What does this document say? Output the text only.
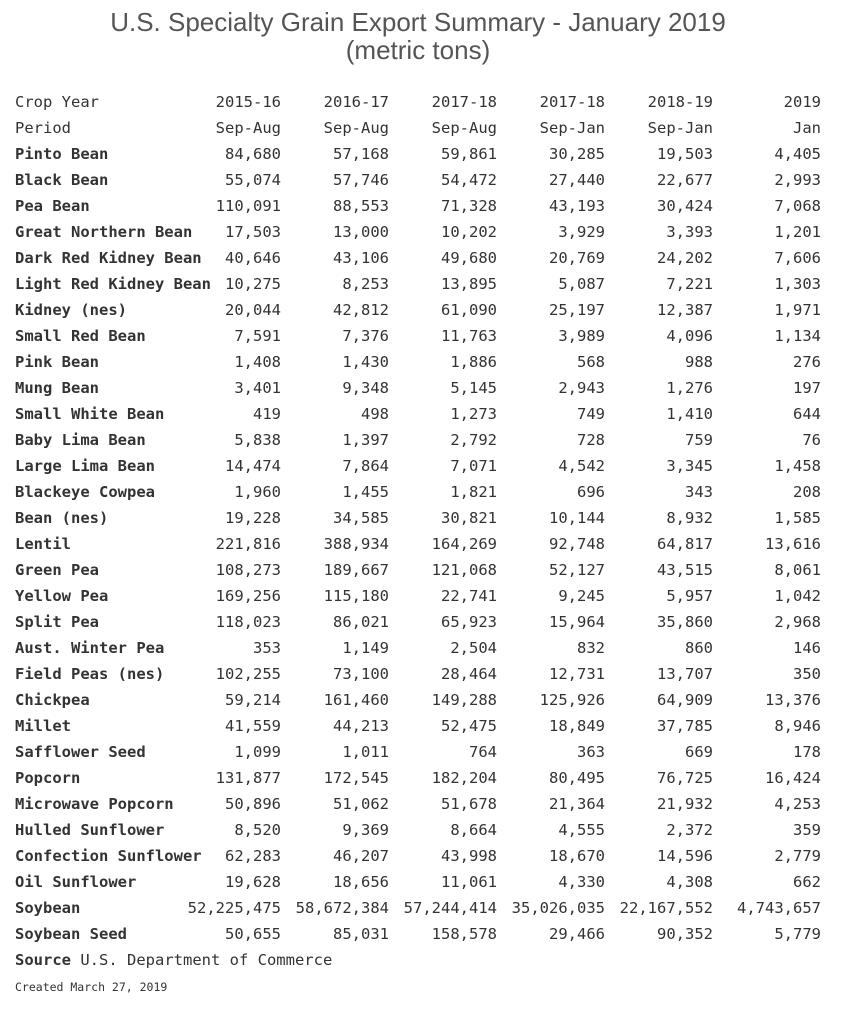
U.S. Specialty Grain Export Summary - January 2019
(metric tons)
Crop Year	2015-16	2016-17	2017-18	2017-18	2018-19	2019
Period	Sep-Aug	Sep-Aug	Sep-Aug	Sep-Jan	Sep-Jan	Jan
Pinto Bean	84,680	57,168	59,861	30,285	19,503	4,405
Black Bean	55,074	57,746	54,472	27,440	22,677	2,993
Pea Bean	110,091	88,553	71,328	43,193	30,424	7,068
Great Northern Bean 17,503	13,000	10,202	3,929	3,393	1,201
Dark Red Kidney Bean 40,646	43,106	49,680	20,769	24,202	7,606
Light Red Kidney Bean 10,275	8,253	13,895	5,087	7,221	1,303
Kidney (nes)	20,044	42,812	61,090	25,197	12,387	1,971
Small Red Bean	7,591	7,376	11,763	3,989	4,096	1,134
Pink Bean	1,408	1,430	1,886	568	988	276
Mung Bean	3,401	9,348	5,145	2,943	1,276	197
Small White Bean	419	498	1,273	749	1,410	644
Baby Lima Bean	5,838	1,397	2,792	728	759	76
Large Lima Bean	14,474	7,864	7,071	4,542	3,345	1,458
Blackeye Cowpea	1,960	1,455	1,821	696	343	208
Bean (nes)	19,228	34,585	30,821	10,144	8,932	1,585
Lentil	221,816	388,934	164,269	92,748	64,817	13,616
Green Pea	108,273	189,667	121,068	52,127	43,515	8,061
Yellow Pea	169,256	115,180	22,741	9,245	5,957	1,042
Split Pea	118,023	86,021	65,923	15,964	35,860	2,968
Aust. Winter Pea	353	1,149	2,504	832	860	146
Field Peas (nes)	102,255	73,100	28,464	12,731	13,707	350
Chickpea	59,214	161,460	149,288	125,926	64,909	13,376
Millet	41,559	44,213	52,475	18,849	37,785	8,946
Safflower Seed	1,099	1,011	764	363	669	178
Popcorn	131,877	172,545	182,204	80,495	76,725	16,424
Microwave Popcorn	50,896	51,062	51,678	21,364	21,932	4,253
Hulled Sunflower	8,520	9,369	8,664	4,555	2,372	359
Confection Sunflower 62,283	46,207	43,998	18,670	14,596	2,779
Oil Sunflower	19,628	18,656	11,061	4,330	4,308	662
Soybean	52,225,475 58,672,384 57,244,414 35,026,035 22,167,552 4,743,657
Soybean Seed	50,655	85,031	158,578	29,466	90,352	5,779
Source U.S. Department of Commerce
Created March 27, 2019
